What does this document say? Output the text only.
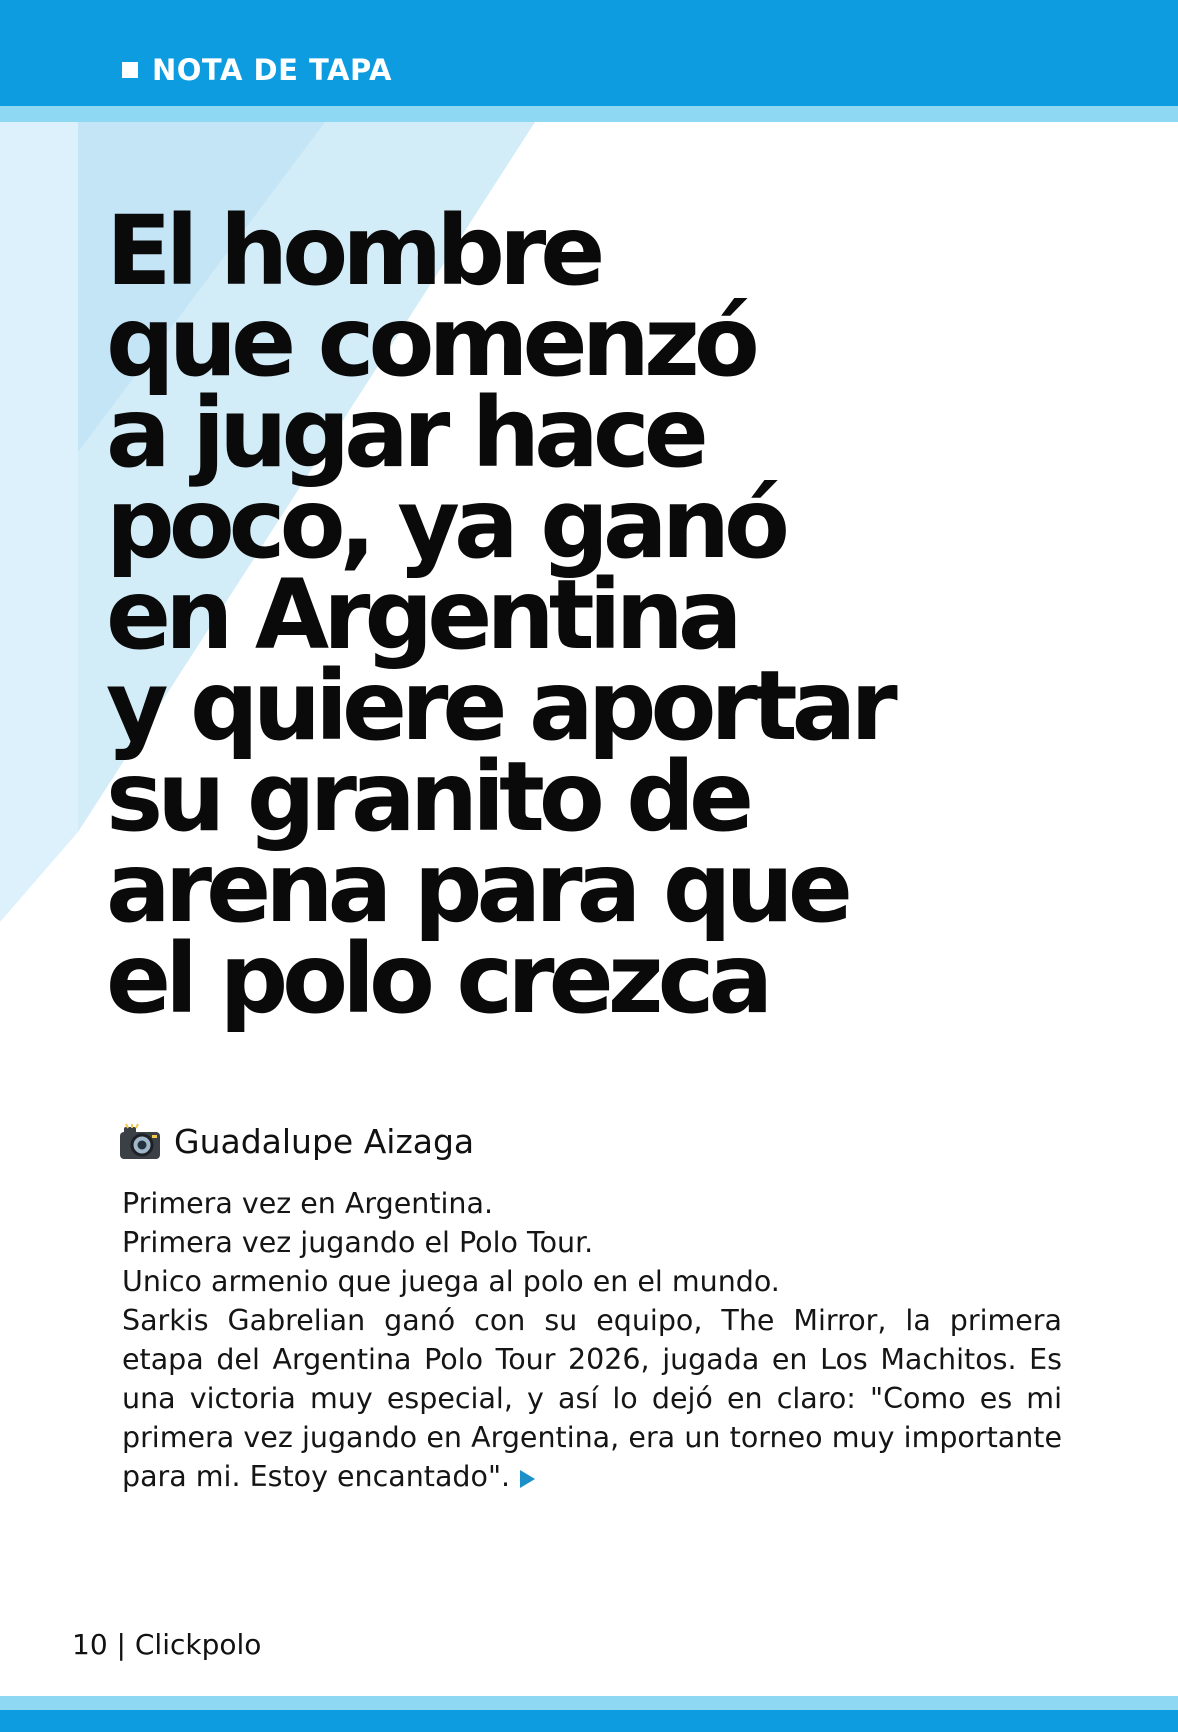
NOTA DE TAPA
El hombre
que comenzó
a jugar hace
poco, ya ganó
en Argentina
y quiere aportar
su granito de
arena para que
el polo crezca
Guadalupe Aizaga

Primera vez en Argentina.

Primera vez jugando el Polo Tour.

Unico armenio que juega al polo en el mundo.

Sarkis Gabrelian ganó con su equipo, The Mirror, la primera etapa del Argentina Polo Tour 2026, jugada en Los Machitos. Es una victoria muy especial, y así lo dejó en claro: "Como es mi primera vez jugando en Argentina, era un torneo muy importante para mi. Estoy encantado".

10 | Clickpolo
